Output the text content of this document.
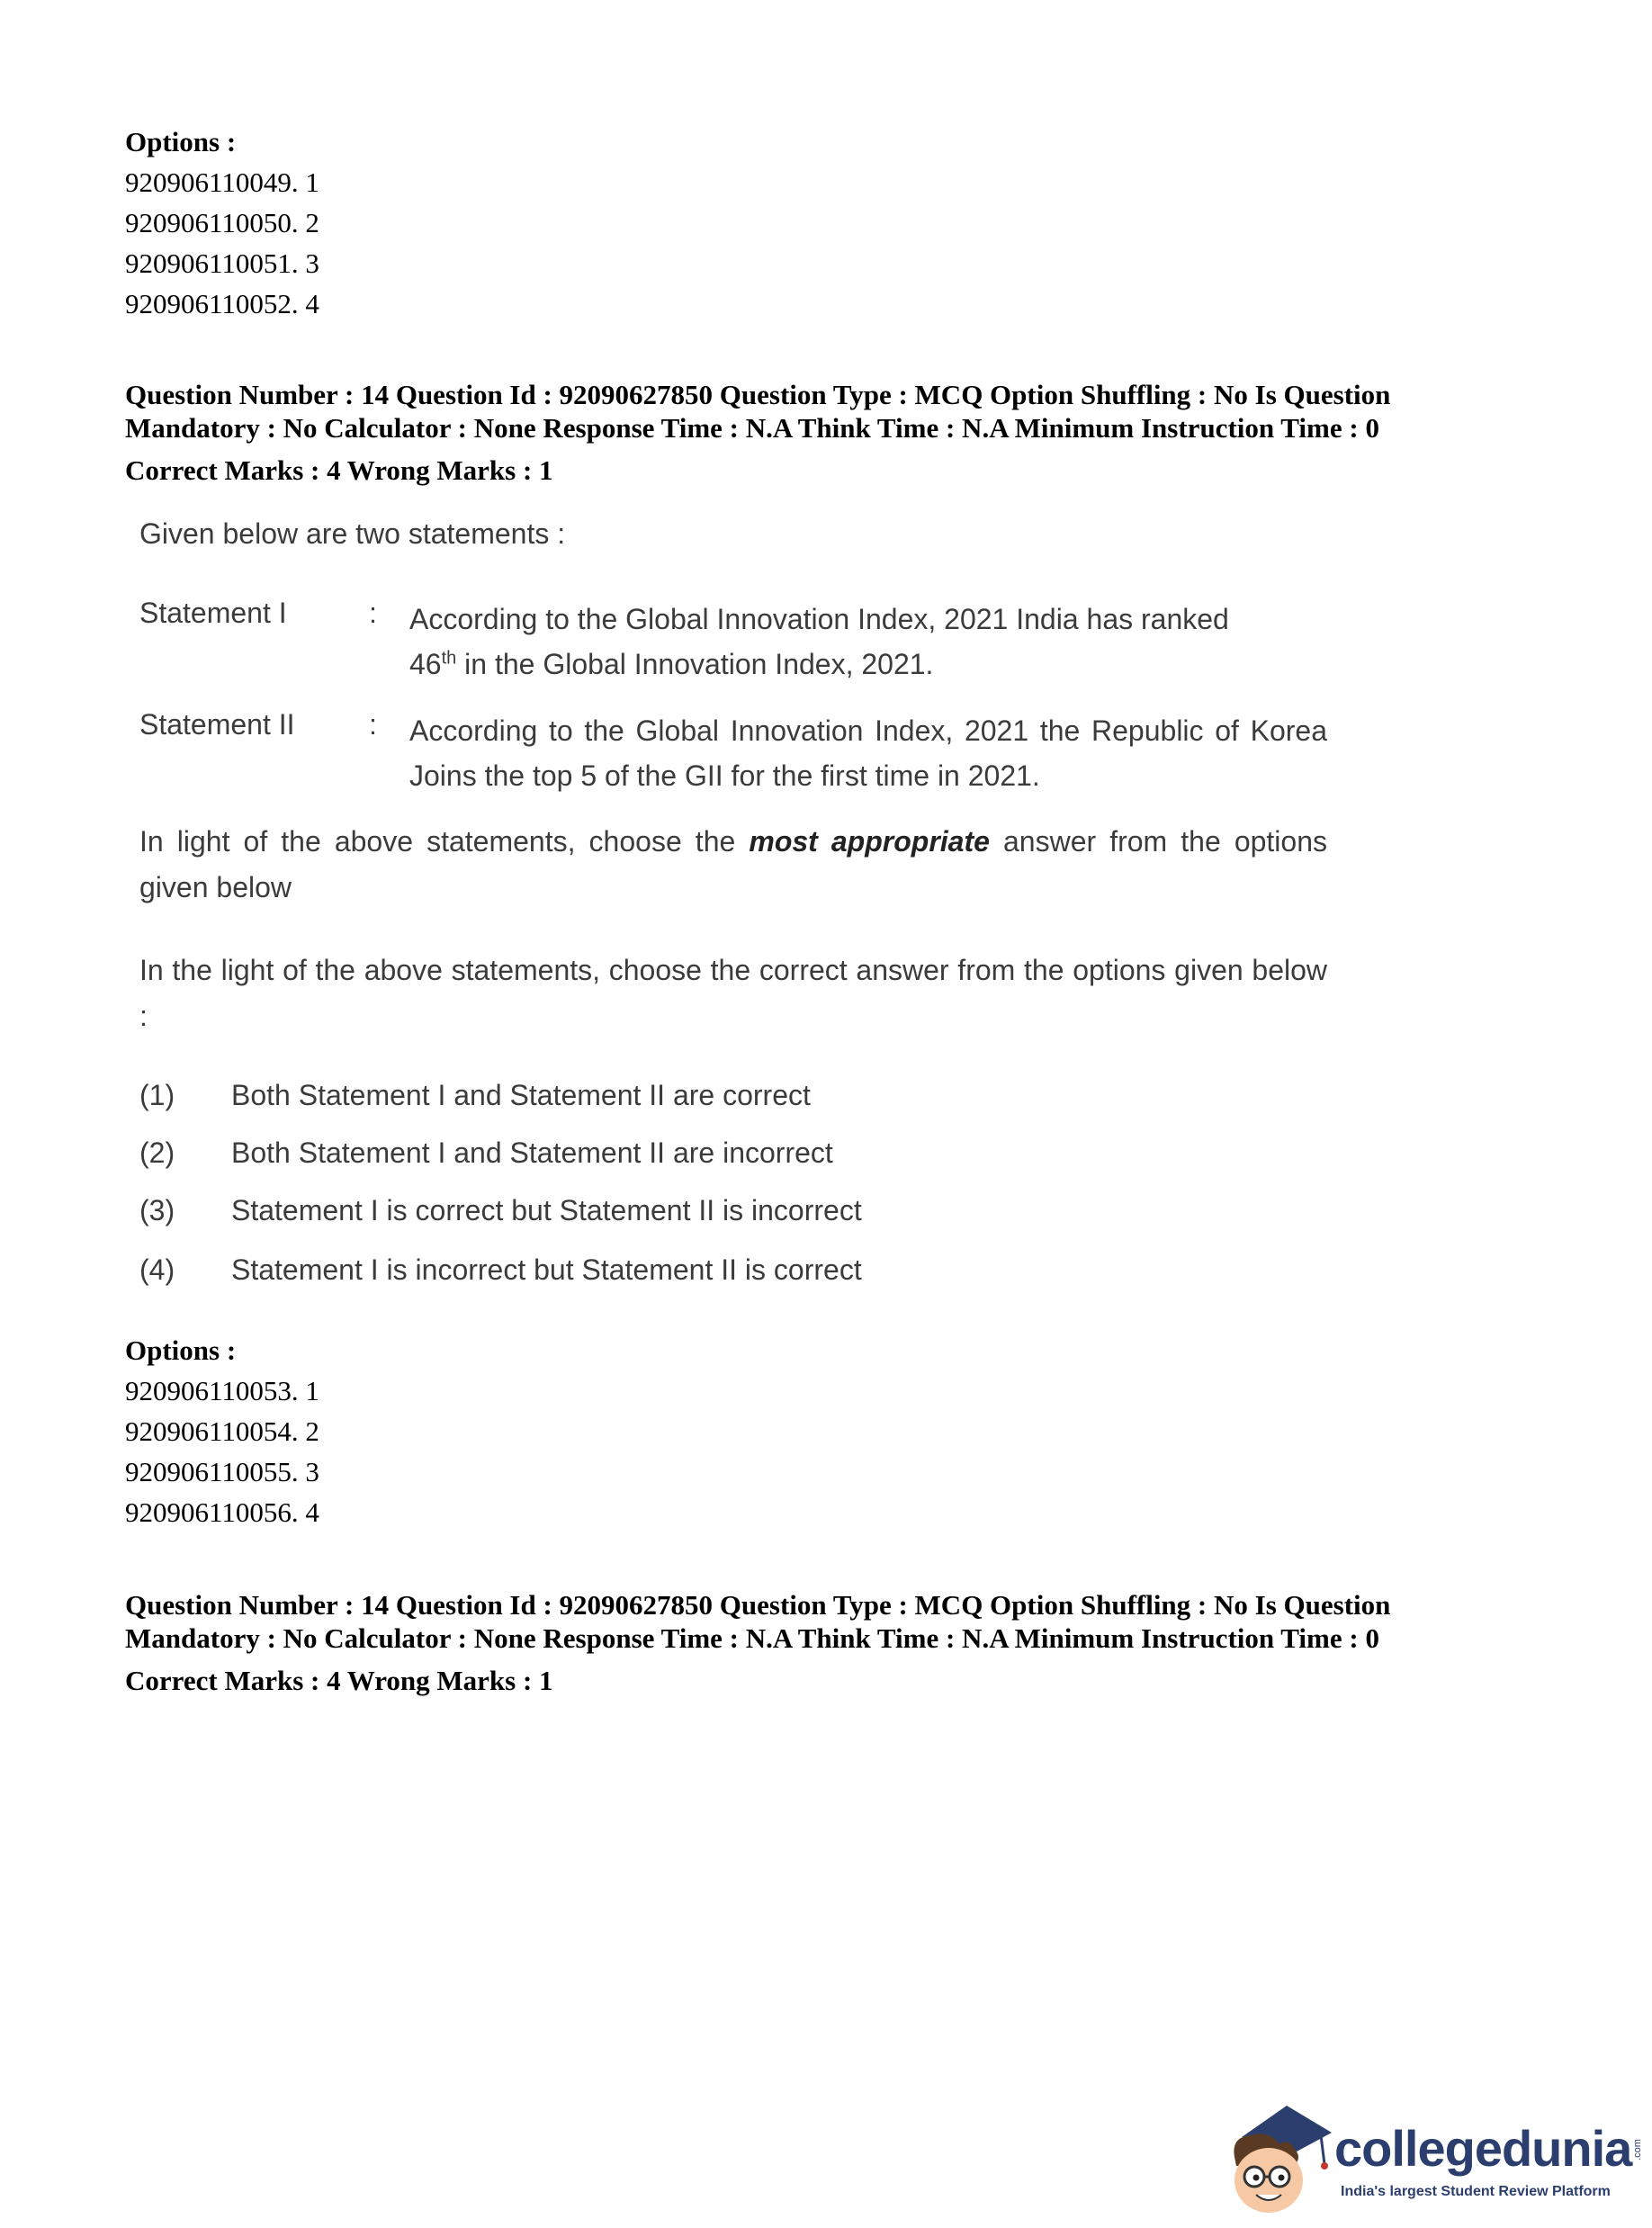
Options :
920906110049. 1
920906110050. 2
920906110051. 3
920906110052. 4
Question Number : 14 Question Id : 92090627850 Question Type : MCQ Option Shuffling : No Is Question
Mandatory : No Calculator : None Response Time : N.A Think Time : N.A Minimum Instruction Time : 0
Correct Marks : 4 Wrong Marks : 1
Given below are two statements :
Statement I	: According to the Global Innovation Index, 2021 India has ranked
46th in the Global Innovation Index, 2021.
Statement II	: According to the Global Innovation Index, 2021 the Republic of Korea Joins the top 5 of the GII for the first time in 2021.
In light of the above statements, choose the most appropriate answer from the options given below
In the light of the above statements, choose the correct answer from the options given below :
(1) Both Statement I and Statement II are correct
(2) Both Statement I and Statement II are incorrect
(3) Statement I is correct but Statement II is incorrect
(4) Statement I is incorrect but Statement II is correct
Options :
920906110053. 1
920906110054. 2
920906110055. 3
920906110056. 4
Question Number : 14 Question Id : 92090627850 Question Type : MCQ Option Shuffling : No Is Question
Mandatory : No Calculator : None Response Time : N.A Think Time : N.A Minimum Instruction Time : 0
Correct Marks : 4 Wrong Marks : 1
collegedunia .com
India's largest Student Review Platform
